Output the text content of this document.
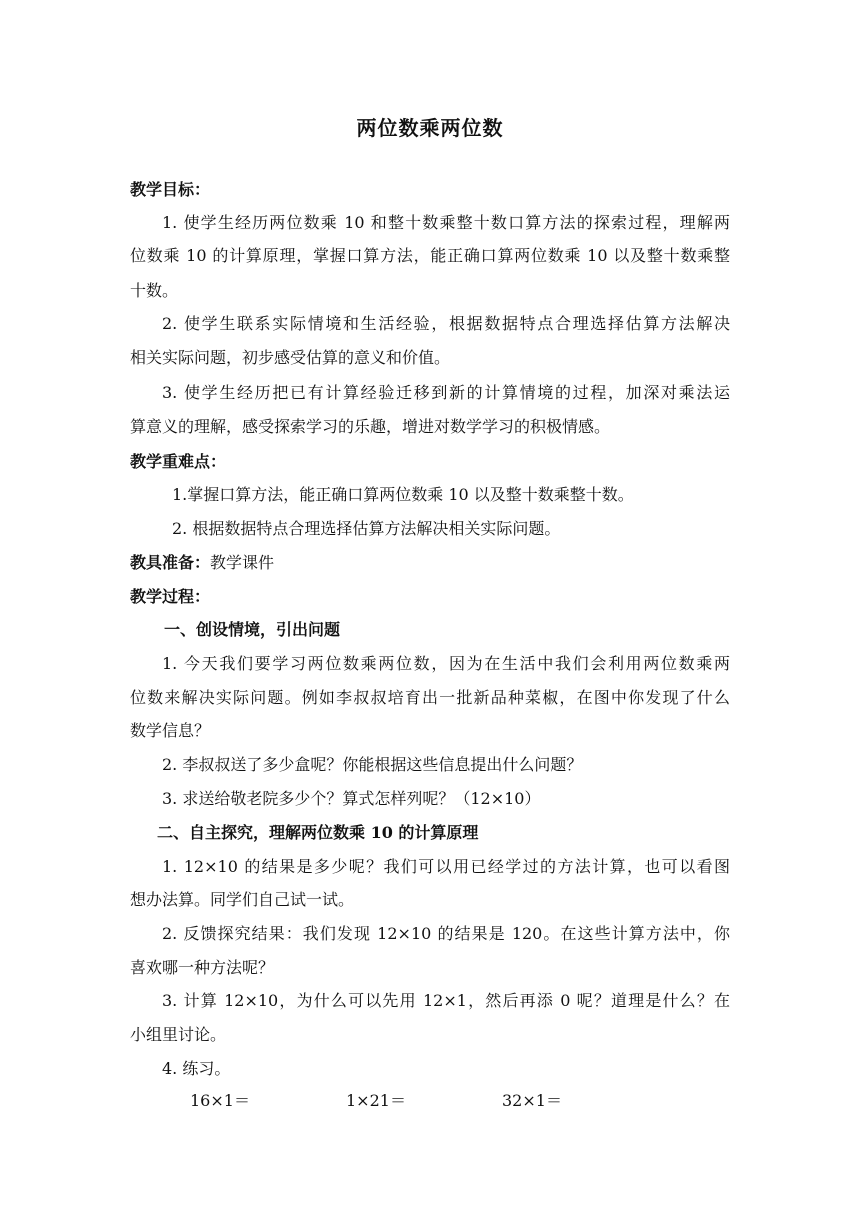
两位数乘两位数
教学目标：
1. 使学生经历两位数乘 10 和整十数乘整十数口算方法的探索过程，理解两
位数乘 10 的计算原理，掌握口算方法，能正确口算两位数乘 10 以及整十数乘整
十数。
2. 使学生联系实际情境和生活经验，根据数据特点合理选择估算方法解决
相关实际问题，初步感受估算的意义和价值。
3. 使学生经历把已有计算经验迁移到新的计算情境的过程，加深对乘法运
算意义的理解，感受探索学习的乐趣，增进对数学学习的积极情感。
教学重难点：
1.掌握口算方法，能正确口算两位数乘 10 以及整十数乘整十数。
2. 根据数据特点合理选择估算方法解决相关实际问题。
教具准备：教学课件
教学过程：
一、创设情境，引出问题
1. 今天我们要学习两位数乘两位数，因为在生活中我们会利用两位数乘两
位数来解决实际问题。例如李叔叔培育出一批新品种菜椒，在图中你发现了什么
数学信息？
2. 李叔叔送了多少盒呢？你能根据这些信息提出什么问题？
3. 求送给敬老院多少个？算式怎样列呢？（12×10）
二、自主探究，理解两位数乘 10 的计算原理
1. 12×10 的结果是多少呢？我们可以用已经学过的方法计算，也可以看图
想办法算。同学们自己试一试。
2. 反馈探究结果：我们发现 12×10 的结果是 120。在这些计算方法中，你
喜欢哪一种方法呢？
3. 计算 12×10，为什么可以先用 12×1，然后再添 0 呢？道理是什么？在
小组里讨论。
4. 练习。
16×1＝	1×21＝	32×1＝
